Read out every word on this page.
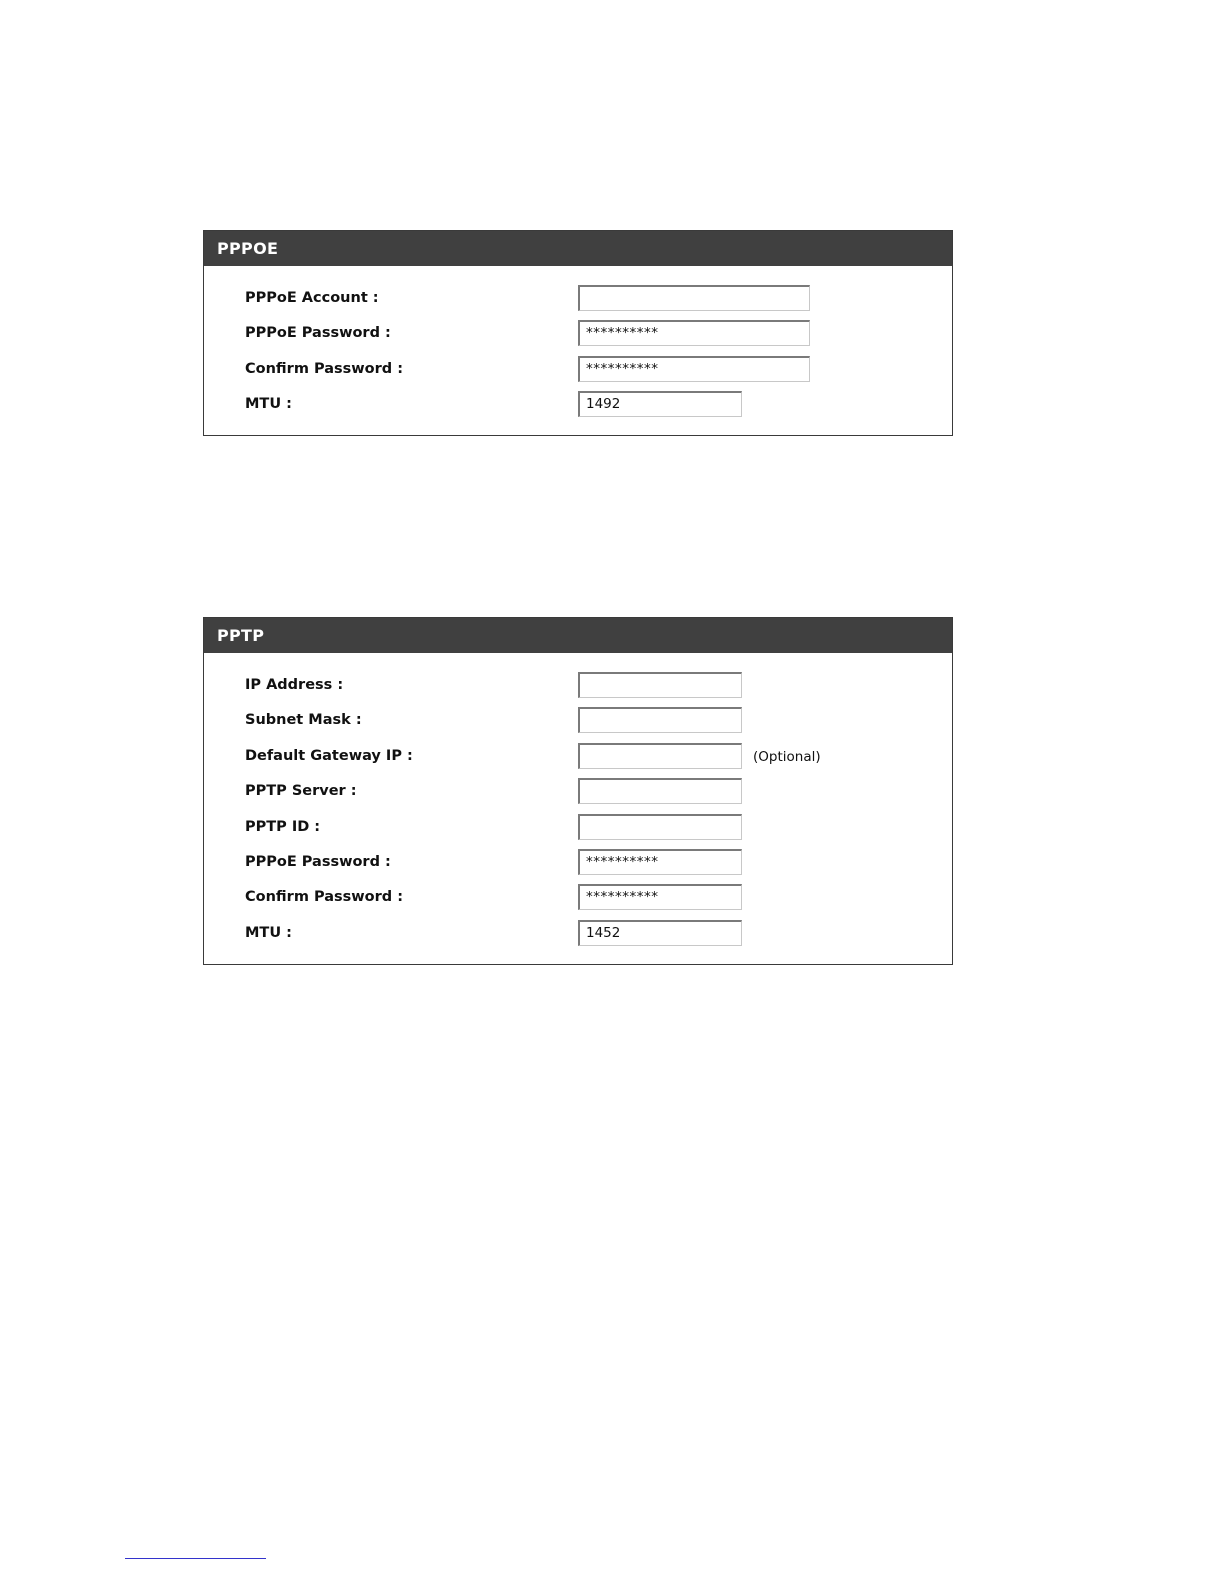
PPPOE
PPPoE Account :
PPPoE Password :	**********
Confirm Password :	**********
MTU :	1492
PPTP
IP Address :
Subnet Mask :
Default Gateway IP :	(Optional)
PPTP Server :
PPTP ID :
PPPoE Password :	**********
Confirm Password :	**********
MTU :	1452
